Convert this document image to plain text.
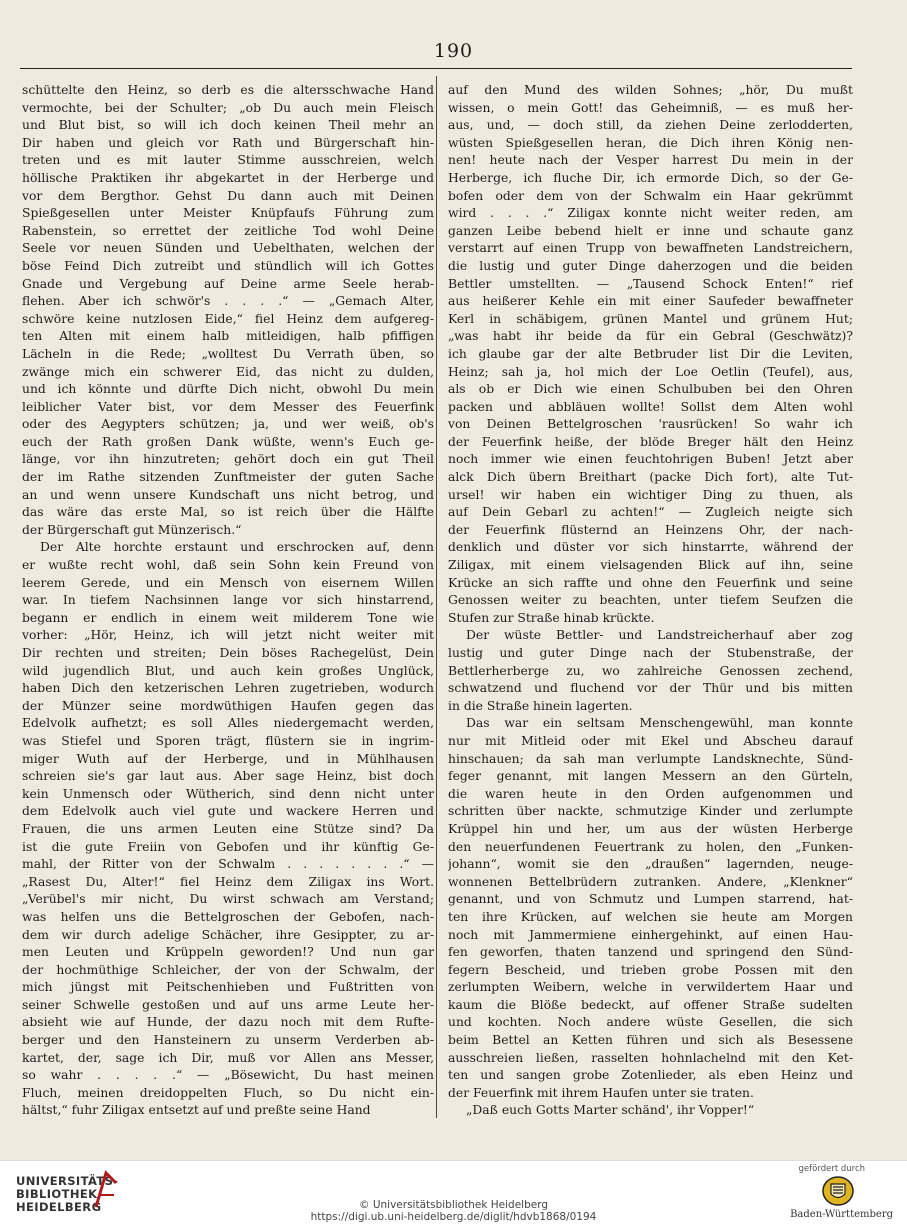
190
schüttelte den Heinz, so derb es die altersschwache Hand
vermochte, bei der Schulter; „ob Du auch mein Fleisch
und Blut bist, so will ich doch keinen Theil mehr an
Dir haben und gleich vor Rath und Bürgerschaft hin-
treten und es mit lauter Stimme ausschreien, welch
höllische Praktiken ihr abgekartet in der Herberge und
vor dem Bergthor. Gehst Du dann auch mit Deinen
Spießgesellen unter Meister Knüpfaufs Führung zum
Rabenstein, so errettet der zeitliche Tod wohl Deine
Seele vor neuen Sünden und Uebelthaten, welchen der
böse Feind Dich zutreibt und stündlich will ich Gottes
Gnade und Vergebung auf Deine arme Seele herab-
flehen. Aber ich schwör's . . . .“ — „Gemach Alter,
schwöre keine nutzlosen Eide,“ fiel Heinz dem aufgereg-
ten Alten mit einem halb mitleidigen, halb pfiffigen
Lächeln in die Rede; „wolltest Du Verrath üben, so
zwänge mich ein schwerer Eid, das nicht zu dulden,
und ich könnte und dürfte Dich nicht, obwohl Du mein
leiblicher Vater bist, vor dem Messer des Feuerfink
oder des Aegypters schützen; ja, und wer weiß, ob's
euch der Rath großen Dank wüßte, wenn's Euch ge-
länge, vor ihn hinzutreten; gehört doch ein gut Theil
der im Rathe sitzenden Zunftmeister der guten Sache
an und wenn unsere Kundschaft uns nicht betrog, und
das wäre das erste Mal, so ist reich über die Hälfte
der Bürgerschaft gut Münzerisch.“
Der Alte horchte erstaunt und erschrocken auf, denn
er wußte recht wohl, daß sein Sohn kein Freund von
leerem Gerede, und ein Mensch von eisernem Willen
war. In tiefem Nachsinnen lange vor sich hinstarrend,
begann er endlich in einem weit milderem Tone wie
vorher: „Hör, Heinz, ich will jetzt nicht weiter mit
Dir rechten und streiten; Dein böses Rachegelüst, Dein
wild jugendlich Blut, und auch kein großes Unglück,
haben Dich den ketzerischen Lehren zugetrieben, wodurch
der Münzer seine mordwüthigen Haufen gegen das
Edelvolk aufhetzt; es soll Alles niedergemacht werden,
was Stiefel und Sporen trägt, flüstern sie in ingrim-
miger Wuth auf der Herberge, und in Mühlhausen
schreien sie's gar laut aus. Aber sage Heinz, bist doch
kein Unmensch oder Wütherich, sind denn nicht unter
dem Edelvolk auch viel gute und wackere Herren und
Frauen, die uns armen Leuten eine Stütze sind? Da
ist die gute Freiin von Gebofen und ihr künftig Ge-
mahl, der Ritter von der Schwalm . . . . . . . .“ —
„Rasest Du, Alter!“ fiel Heinz dem Ziligax ins Wort.
„Verübel's mir nicht, Du wirst schwach am Verstand;
was helfen uns die Bettelgroschen der Gebofen, nach-
dem wir durch adelige Schächer, ihre Gesippter, zu ar-
men Leuten und Krüppeln geworden!? Und nun gar
der hochmüthige Schleicher, der von der Schwalm, der
mich jüngst mit Peitschenhieben und Fußtritten von
seiner Schwelle gestoßen und auf uns arme Leute her-
absieht wie auf Hunde, der dazu noch mit dem Rufte-
berger und den Hansteinern zu unserm Verderben ab-
kartet, der, sage ich Dir, muß vor Allen ans Messer,
so wahr . . . . .“ — „Bösewicht, Du hast meinen
Fluch, meinen dreidoppelten Fluch, so Du nicht ein-
hältst,“ fuhr Ziligax entsetzt auf und preßte seine Hand
auf den Mund des wilden Sohnes; „hör, Du mußt
wissen, o mein Gott! das Geheimniß, — es muß her-
aus, und, — doch still, da ziehen Deine zerlodderten,
wüsten Spießgesellen heran, die Dich ihren König nen-
nen! heute nach der Vesper harrest Du mein in der
Herberge, ich fluche Dir, ich ermorde Dich, so der Ge-
bofen oder dem von der Schwalm ein Haar gekrümmt
wird . . . .“ Ziligax konnte nicht weiter reden, am
ganzen Leibe bebend hielt er inne und schaute ganz
verstarrt auf einen Trupp von bewaffneten Landstreichern,
die lustig und guter Dinge daherzogen und die beiden
Bettler umstellten. — „Tausend Schock Enten!“ rief
aus heißerer Kehle ein mit einer Saufeder bewaffneter
Kerl in schäbigem, grünen Mantel und grünem Hut;
„was habt ihr beide da für ein Gebral (Geschwätz)?
ich glaube gar der alte Betbruder list Dir die Leviten,
Heinz; sah ja, hol mich der Loe Oetlin (Teufel), aus,
als ob er Dich wie einen Schulbuben bei den Ohren
packen und abbläuen wollte! Sollst dem Alten wohl
von Deinen Bettelgroschen 'rausrücken! So wahr ich
der Feuerfink heiße, der blöde Breger hält den Heinz
noch immer wie einen feuchtohrigen Buben! Jetzt aber
alck Dich übern Breithart (packe Dich fort), alte Tut-
ursel! wir haben ein wichtiger Ding zu thuen, als
auf Dein Gebarl zu achten!“ — Zugleich neigte sich
der Feuerfink flüsternd an Heinzens Ohr, der nach-
denklich und düster vor sich hinstarrte, während der
Ziligax, mit einem vielsagenden Blick auf ihn, seine
Krücke an sich raffte und ohne den Feuerfink und seine
Genossen weiter zu beachten, unter tiefem Seufzen die
Stufen zur Straße hinab krückte.
Der wüste Bettler- und Landstreicherhauf aber zog
lustig und guter Dinge nach der Stubenstraße, der
Bettlerherberge zu, wo zahlreiche Genossen zechend,
schwatzend und fluchend vor der Thür und bis mitten
in die Straße hinein lagerten.
Das war ein seltsam Menschengewühl, man konnte
nur mit Mitleid oder mit Ekel und Abscheu darauf
hinschauen; da sah man verlumpte Landsknechte, Sünd-
feger genannt, mit langen Messern an den Gürteln,
die waren heute in den Orden aufgenommen und
schritten über nackte, schmutzige Kinder und zerlumpte
Krüppel hin und her, um aus der wüsten Herberge
den neuerfundenen Feuertrank zu holen, den „Funken-
johann“, womit sie den „draußen“ lagernden, neuge-
wonnenen Bettelbrüdern zutranken. Andere, „Klenkner“
genannt, und von Schmutz und Lumpen starrend, hat-
ten ihre Krücken, auf welchen sie heute am Morgen
noch mit Jammermiene einhergehinkt, auf einen Hau-
fen geworfen, thaten tanzend und springend den Sünd-
fegern Bescheid, und trieben grobe Possen mit den
zerlumpten Weibern, welche in verwildertem Haar und
kaum die Blöße bedeckt, auf offener Straße sudelten
und kochten. Noch andere wüste Gesellen, die sich
beim Bettel an Ketten führen und sich als Besessene
ausschreien ließen, rasselten hohnlachelnd mit den Ket-
ten und sangen grobe Zotenlieder, als eben Heinz und
der Feuerfink mit ihrem Haufen unter sie traten.
„Daß euch Gotts Marter schänd', ihr Vopper!“
UNIVERSITÄTS-
BIBLIOTHEK
HEIDELBERG	© Universitätsbibliothek Heidelberg
https://digi.ub.uni-heidelberg.de/diglit/hdvb1868/0194
gefördert durch
Baden-Württemberg
